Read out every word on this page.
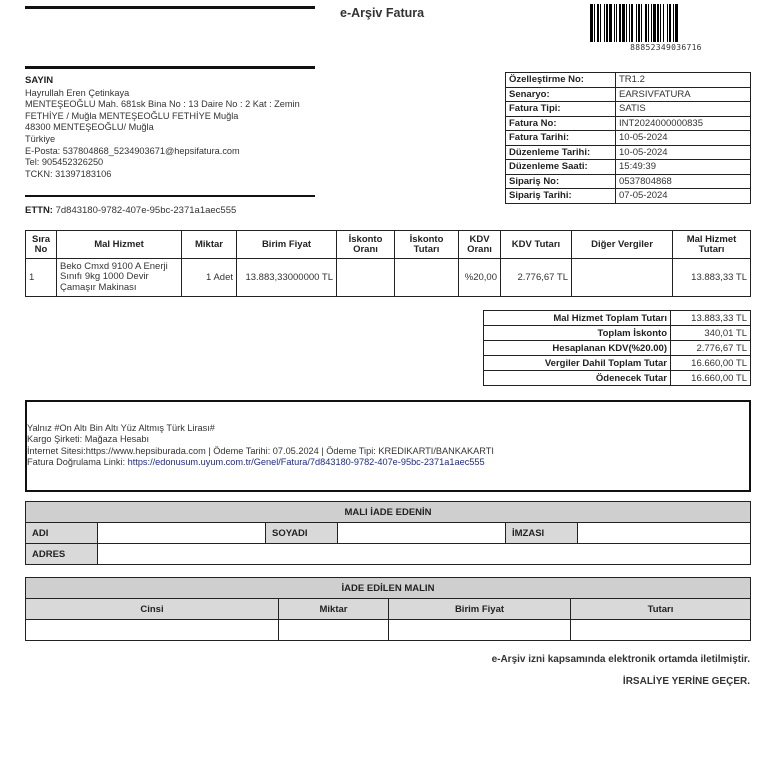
e-Arşiv Fatura
88852349036716
SAYIN
Hayrullah Eren Çetinkaya
MENTEŞEOĞLU Mah. 681sk Bina No : 13 Daire No : 2 Kat : Zemin
FETHİYE / Muğla MENTEŞEOĞLU FETHİYE Muğla
48300 MENTEŞEOĞLU/ Muğla
Türkiye
E-Posta: 537804868_5234903671@hepsifatura.com
Tel: 905452326250
TCKN: 31397183106
ETTN: 7d843180-9782-407e-95bc-2371a1aec555
Özelleştirme No:	TR1.2
Senaryo:	EARSIVFATURA
Fatura Tipi:	SATIS
Fatura No:	INT2024000000835
Fatura Tarihi:	10-05-2024
Düzenleme Tarihi:	10-05-2024
Düzenleme Saati:	15:49:39
Sipariş No:	0537804868
Sipariş Tarihi:	07-05-2024
Sıra No	Mal Hizmet	Miktar	Birim Fiyat	İskonto Oranı	İskonto Tutarı	KDV Oranı	KDV Tutarı	Diğer Vergiler	Mal Hizmet Tutarı
1	Beko Cmxd 9100 A Enerji Sınıfı 9kg 1000 Devir Çamaşır Makinası	1 Adet	13.883,33000000 TL			%20,00	2.776,67 TL		13.883,33 TL
Mal Hizmet Toplam Tutarı	13.883,33 TL
Toplam İskonto	340,01 TL
Hesaplanan KDV(%20.00)	2.776,67 TL
Vergiler Dahil Toplam Tutar	16.660,00 TL
Ödenecek Tutar	16.660,00 TL
Yalnız #On Altı Bin Altı Yüz Altmış Türk Lirası#
Kargo Şirketi: Mağaza Hesabı
İnternet Sitesi:https://www.hepsiburada.com | Ödeme Tarihi: 07.05.2024 | Ödeme Tipi: KREDIKARTI/BANKAKARTI
Fatura Doğrulama Linki: https://edonusum.uyum.com.tr/Genel/Fatura/7d843180-9782-407e-95bc-2371a1aec555
MALI İADE EDENİN					
ADI		SOYADI		İMZASI	
ADRES					
İADE EDİLEN MALIN			
Cinsi	Miktar	Birim Fiyat	Tutarı

e-Arşiv izni kapsamında elektronik ortamda iletilmiştir.
İRSALİYE YERİNE GEÇER.
